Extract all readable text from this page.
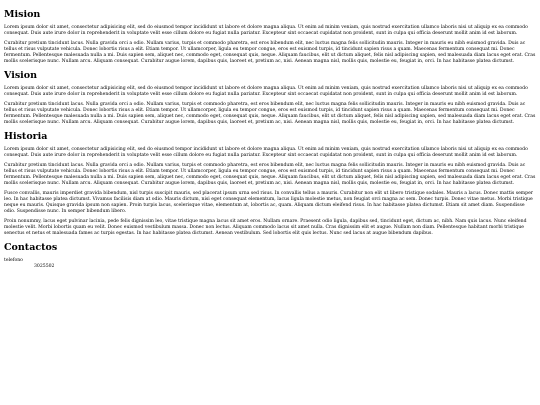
Mision

Lorem ipsum dolor sit amet, consectetur adipisicing elit, sed do eiusmod tempor incididunt ut labore et dolore magna aliqua. Ut enim ad minim veniam, quis nostrud exercitation ullamco laboris nisi ut aliquip ex ea commodo consequat. Duis aute irure dolor in reprehenderit in voluptate velit esse cillum dolore eu fugiat nulla pariatur. Excepteur sint occaecat cupidatat non proident, sunt in culpa qui officia deserunt mollit anim id est laborum.

Curabitur pretium tincidunt lacus. Nulla gravida orci a odio. Nullam varius, turpis et commodo pharetra, est eros bibendum elit, nec luctus magna felis sollicitudin mauris. Integer in mauris eu nibh euismod gravida. Duis ac tellus et risus vulputate vehicula. Donec lobortis risus a elit. Etiam tempor. Ut ullamcorper, ligula eu tempor congue, eros est euismod turpis, id tincidunt sapien risus a quam. Maecenas fermentum consequat mi. Donec fermentum. Pellentesque malesuada nulla a mi. Duis sapien sem, aliquet nec, commodo eget, consequat quis, neque. Aliquam faucibus, elit ut dictum aliquet, felis nisl adipiscing sapien, sed malesuada diam lacus eget erat. Cras mollis scelerisque nunc. Nullam arcu. Aliquam consequat. Curabitur augue lorem, dapibus quis, laoreet et, pretium ac, nisi. Aenean magna nisl, mollis quis, molestie eu, feugiat in, orci. In hac habitasse platea dictumst.

Vision

Lorem ipsum dolor sit amet, consectetur adipisicing elit, sed do eiusmod tempor incididunt ut labore et dolore magna aliqua. Ut enim ad minim veniam, quis nostrud exercitation ullamco laboris nisi ut aliquip ex ea commodo consequat. Duis aute irure dolor in reprehenderit in voluptate velit esse cillum dolore eu fugiat nulla pariatur. Excepteur sint occaecat cupidatat non proident, sunt in culpa qui officia deserunt mollit anim id est laborum.

Curabitur pretium tincidunt lacus. Nulla gravida orci a odio. Nullam varius, turpis et commodo pharetra, est eros bibendum elit, nec luctus magna felis sollicitudin mauris. Integer in mauris eu nibh euismod gravida. Duis ac tellus et risus vulputate vehicula. Donec lobortis risus a elit. Etiam tempor. Ut ullamcorper, ligula eu tempor congue, eros est euismod turpis, id tincidunt sapien risus a quam. Maecenas fermentum consequat mi. Donec fermentum. Pellentesque malesuada nulla a mi. Duis sapien sem, aliquet nec, commodo eget, consequat quis, neque. Aliquam faucibus, elit ut dictum aliquet, felis nisl adipiscing sapien, sed malesuada diam lacus eget erat. Cras mollis scelerisque nunc. Nullam arcu. Aliquam consequat. Curabitur augue lorem, dapibus quis, laoreet et, pretium ac, nisi. Aenean magna nisl, mollis quis, molestie eu, feugiat in, orci. In hac habitasse platea dictumst.

Historia

Lorem ipsum dolor sit amet, consectetur adipisicing elit, sed do eiusmod tempor incididunt ut labore et dolore magna aliqua. Ut enim ad minim veniam, quis nostrud exercitation ullamco laboris nisi ut aliquip ex ea commodo consequat. Duis aute irure dolor in reprehenderit in voluptate velit esse cillum dolore eu fugiat nulla pariatur. Excepteur sint occaecat cupidatat non proident, sunt in culpa qui officia deserunt mollit anim id est laborum.

Curabitur pretium tincidunt lacus. Nulla gravida orci a odio. Nullam varius, turpis et commodo pharetra, est eros bibendum elit, nec luctus magna felis sollicitudin mauris. Integer in mauris eu nibh euismod gravida. Duis ac tellus et risus vulputate vehicula. Donec lobortis risus a elit. Etiam tempor. Ut ullamcorper, ligula eu tempor congue, eros est euismod turpis, id tincidunt sapien risus a quam. Maecenas fermentum consequat mi. Donec fermentum. Pellentesque malesuada nulla a mi. Duis sapien sem, aliquet nec, commodo eget, consequat quis, neque. Aliquam faucibus, elit ut dictum aliquet, felis nisl adipiscing sapien, sed malesuada diam lacus eget erat. Cras mollis scelerisque nunc. Nullam arcu. Aliquam consequat. Curabitur augue lorem, dapibus quis, laoreet et, pretium ac, nisi. Aenean magna nisl, mollis quis, molestie eu, feugiat in, orci. In hac habitasse platea dictumst.

Fusce convallis, mauris imperdiet gravida bibendum, nisl turpis suscipit mauris, sed placerat ipsum urna sed risus. In convallis tellus a mauris. Curabitur non elit ut libero tristique sodales. Mauris a lacus. Donec mattis semper leo. In hac habitasse platea dictumst. Vivamus facilisis diam at odio. Mauris dictum, nisi eget consequat elementum, lacus ligula molestie metus, non feugiat orci magna ac sem. Donec turpis. Donec vitae metus. Morbi tristique neque eu mauris. Quisque gravida ipsum non sapien. Proin turpis lacus, scelerisque vitae, elementum at, lobortis ac, quam. Aliquam dictum eleifend risus. In hac habitasse platea dictumst. Etiam sit amet diam. Suspendisse odio. Suspendisse nunc. In semper bibendum libero.

Proin nonummy, lacus eget pulvinar lacinia, pede felis dignissim leo, vitae tristique magna lacus sit amet eros. Nullam ornare. Praesent odio ligula, dapibus sed, tincidunt eget, dictum ac, nibh. Nam quis lacus. Nunc eleifend molestie velit. Morbi lobortis quam eu velit. Donec euismod vestibulum massa. Donec non lectus. Aliquam commodo lacus sit amet nulla. Cras dignissim elit et augue. Nullam non diam. Pellentesque habitant morbi tristique senectus et netus et malesuada fames ac turpis egestas. In hac habitasse platea dictumst. Aenean vestibulum. Sed lobortis elit quis lectus. Nunc sed lacus at augue bibendum dapibus.

Contactos
telefono
3025502
